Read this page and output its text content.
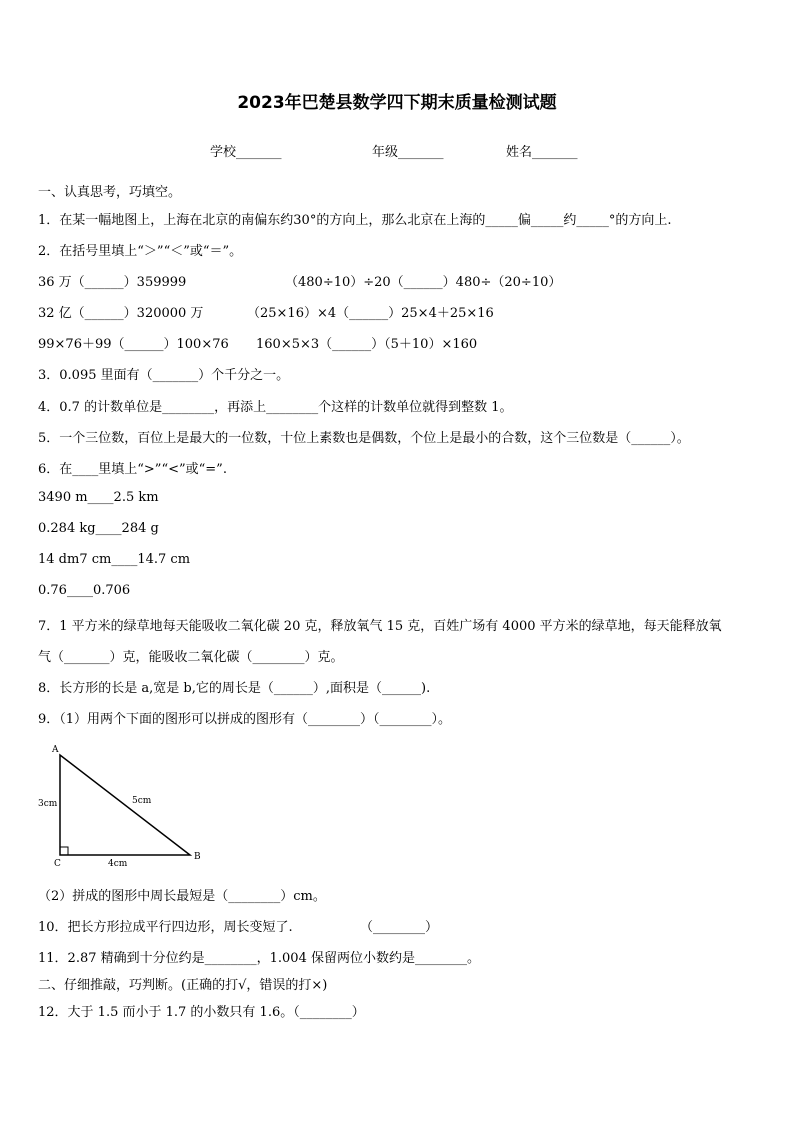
2023年巴楚县数学四下期末质量检测试题
学校_______	年级_______	姓名_______
一、认真思考，巧填空。
1．在某一幅地图上，上海在北京的南偏东约30°的方向上，那么北京在上海的_____偏_____约_____°的方向上.
2．在括号里填上“＞”“＜”或“＝”。
36 万（______）359999	（480÷10）÷20（______）480÷（20÷10）
32 亿（______）320000 万	（25×16）×4（______）25×4＋25×16
99×76＋99（______）100×76 160×5×3（______）（5＋10）×160
3．0.095 里面有（_______）个千分之一。
4．0.7 的计数单位是________，再添上________个这样的计数单位就得到整数 1。
5．一个三位数，百位上是最大的一位数，十位上素数也是偶数，个位上是最小的合数，这个三位数是（______）。
6．在____里填上“>”“<”或“=”.
3490 m____2.5 km
0.284 kg____284 g
14 dm7 cm____14.7 cm
0.76____0.706
7．1 平方米的绿草地每天能吸收二氧化碳 20 克，释放氧气 15 克，百姓广场有 4000 平方米的绿草地，每天能释放氧
气（_______）克，能吸收二氧化碳（________）克。
8．长方形的长是 a,宽是 b,它的周长是（______）,面积是（______).
9．（1）用两个下面的图形可以拼成的图形有（________）（________）。
A
B
C
3cm	5cm
4cm
（2）拼成的图形中周长最短是（________）cm。
10．把长方形拉成平行四边形，周长变短了.	（________）
11．2.87 精确到十分位约是________，1.004 保留两位小数约是________。
二、仔细推敲，巧判断。(正确的打√，错误的打×)
12．大于 1.5 而小于 1.7 的小数只有 1.6。（________）
